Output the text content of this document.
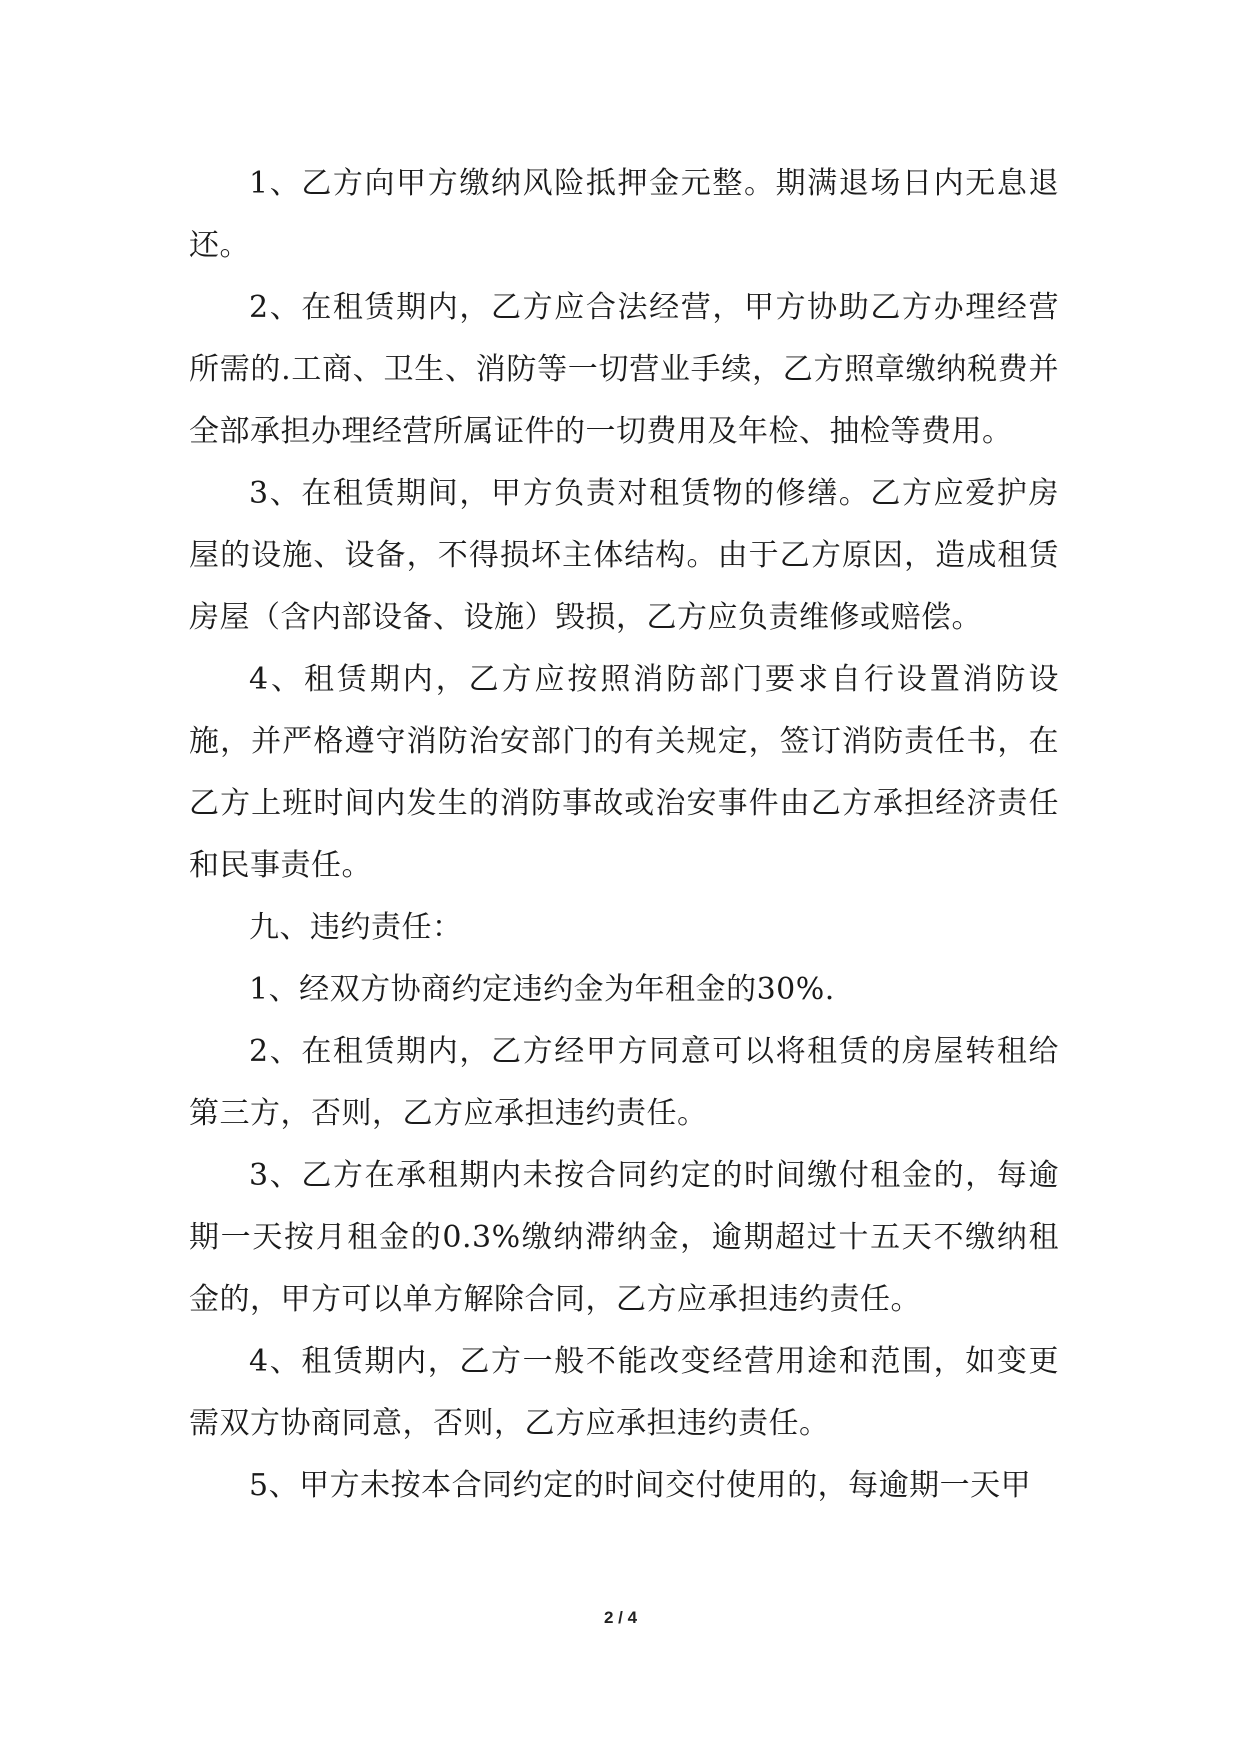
1、乙方向甲方缴纳风险抵押金元整。期满退场日内无息退还。

2、在租赁期内，乙方应合法经营，甲方协助乙方办理经营所需的.工商、卫生、消防等一切营业手续，乙方照章缴纳税费并全部承担办理经营所属证件的一切费用及年检、抽检等费用。

3、在租赁期间，甲方负责对租赁物的修缮。乙方应爱护房屋的设施、设备，不得损坏主体结构。由于乙方原因，造成租赁房屋（含内部设备、设施）毁损，乙方应负责维修或赔偿。

4、租赁期内，乙方应按照消防部门要求自行设置消防设施，并严格遵守消防治安部门的有关规定，签订消防责任书，在乙方上班时间内发生的消防事故或治安事件由乙方承担经济责任和民事责任。

九、违约责任：

1、经双方协商约定违约金为年租金的30%.

2、在租赁期内，乙方经甲方同意可以将租赁的房屋转租给第三方，否则，乙方应承担违约责任。

3、乙方在承租期内未按合同约定的时间缴付租金的，每逾期一天按月租金的0.3%缴纳滞纳金，逾期超过十五天不缴纳租金的，甲方可以单方解除合同，乙方应承担违约责任。

4、租赁期内，乙方一般不能改变经营用途和范围，如变更需双方协商同意，否则，乙方应承担违约责任。

5、甲方未按本合同约定的时间交付使用的，每逾期一天甲

2 / 4
